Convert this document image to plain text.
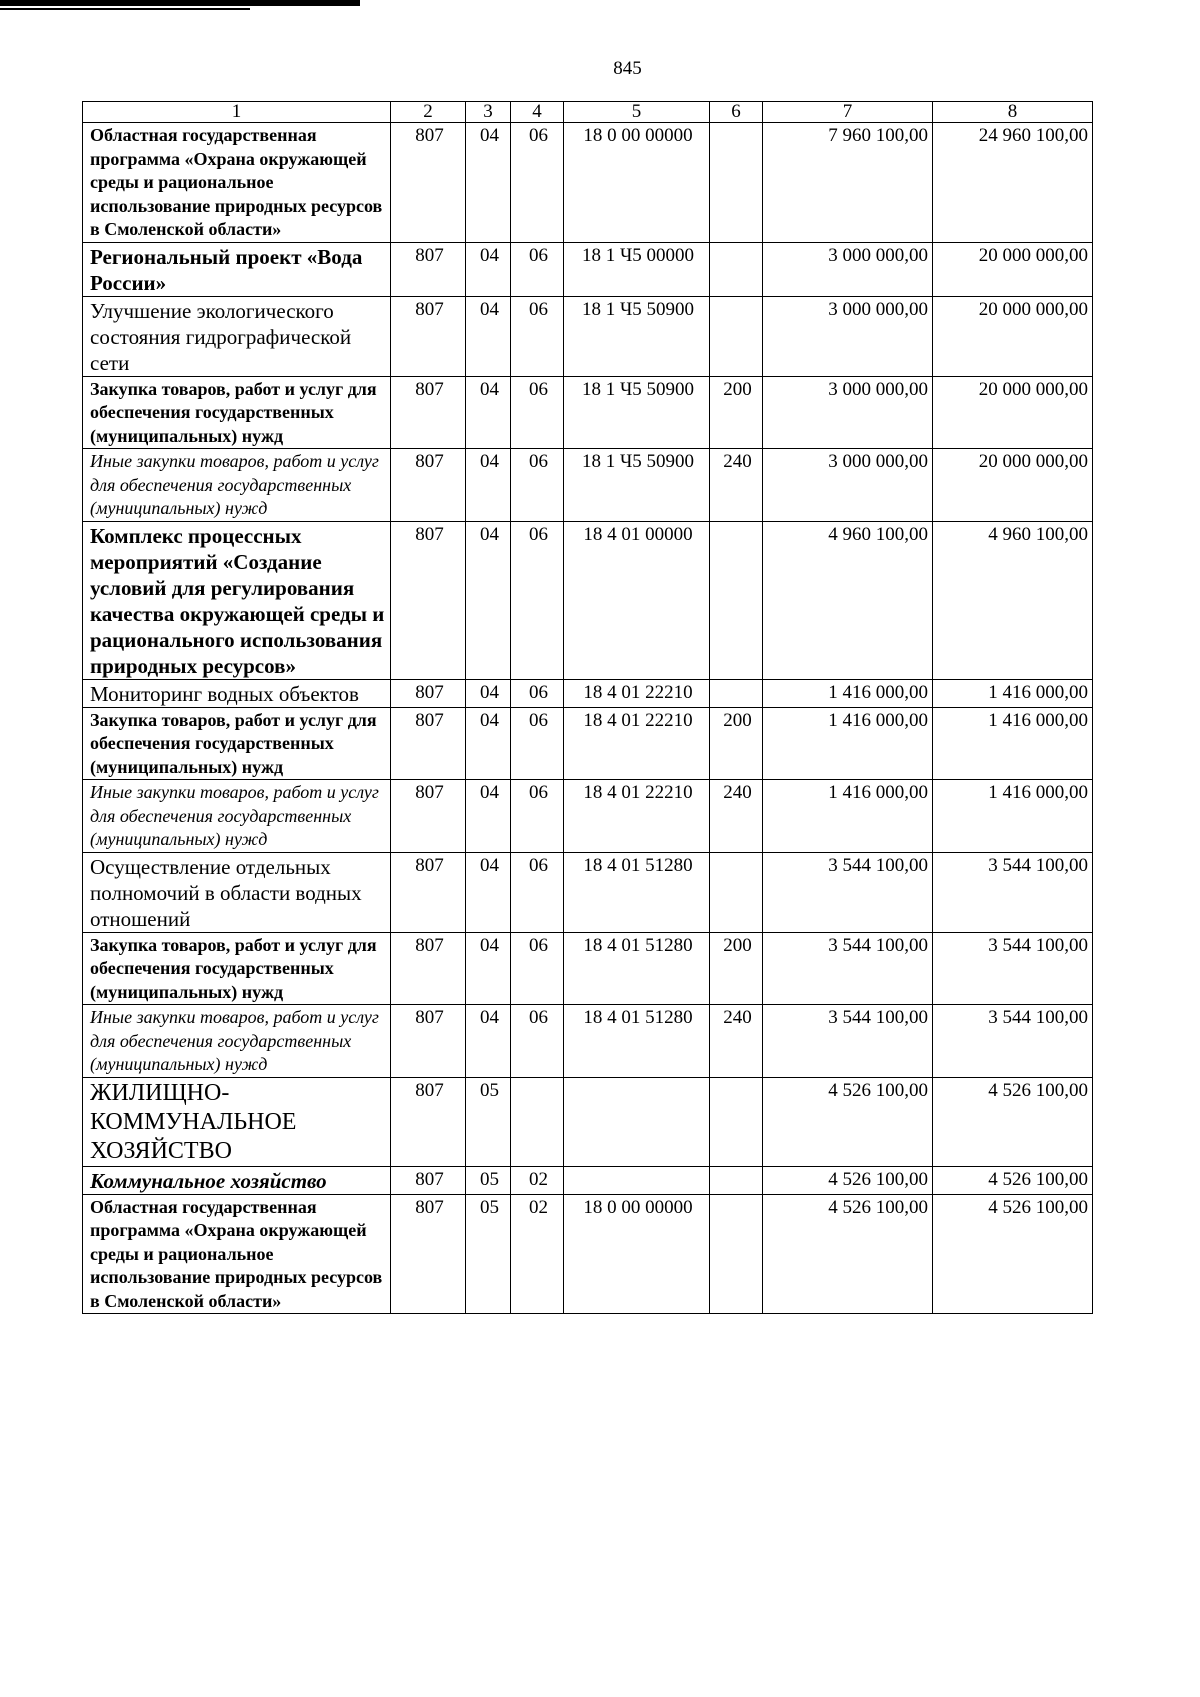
845
1	2	3	4	5	6	7	8
Областная государственная программа «Охрана окружающей среды и рациональное использование природных ресурсов в Смоленской области»	807	04	06	18 0 00 00000		7 960 100,00	24 960 100,00
Региональный проект «Вода России»	807	04	06	18 1 Ч5 00000		3 000 000,00	20 000 000,00
Улучшение экологического состояния гидрографической сети	807	04	06	18 1 Ч5 50900		3 000 000,00	20 000 000,00
Закупка товаров, работ и услуг для обеспечения государственных (муниципальных) нужд	807	04	06	18 1 Ч5 50900	200	3 000 000,00	20 000 000,00
Иные закупки товаров, работ и услуг для обеспечения государственных (муниципальных) нужд	807	04	06	18 1 Ч5 50900	240	3 000 000,00	20 000 000,00
Комплекс процессных мероприятий «Создание условий для регулирования качества окружающей среды и рационального использования природных ресурсов»	807	04	06	18 4 01 00000		4 960 100,00	4 960 100,00
Мониторинг водных объектов	807	04	06	18 4 01 22210		1 416 000,00	1 416 000,00
Закупка товаров, работ и услуг для обеспечения государственных (муниципальных) нужд	807	04	06	18 4 01 22210	200	1 416 000,00	1 416 000,00
Иные закупки товаров, работ и услуг для обеспечения государственных (муниципальных) нужд	807	04	06	18 4 01 22210	240	1 416 000,00	1 416 000,00
Осуществление отдельных полномочий в области водных отношений	807	04	06	18 4 01 51280		3 544 100,00	3 544 100,00
Закупка товаров, работ и услуг для обеспечения государственных (муниципальных) нужд	807	04	06	18 4 01 51280	200	3 544 100,00	3 544 100,00
Иные закупки товаров, работ и услуг для обеспечения государственных (муниципальных) нужд	807	04	06	18 4 01 51280	240	3 544 100,00	3 544 100,00
ЖИЛИЩНО-КОММУНАЛЬНОЕ ХОЗЯЙСТВО	807	05				4 526 100,00	4 526 100,00
Коммунальное хозяйство	807	05	02			4 526 100,00	4 526 100,00
Областная государственная программа «Охрана окружающей среды и рациональное использование природных ресурсов в Смоленской области»	807	05	02	18 0 00 00000		4 526 100,00	4 526 100,00
